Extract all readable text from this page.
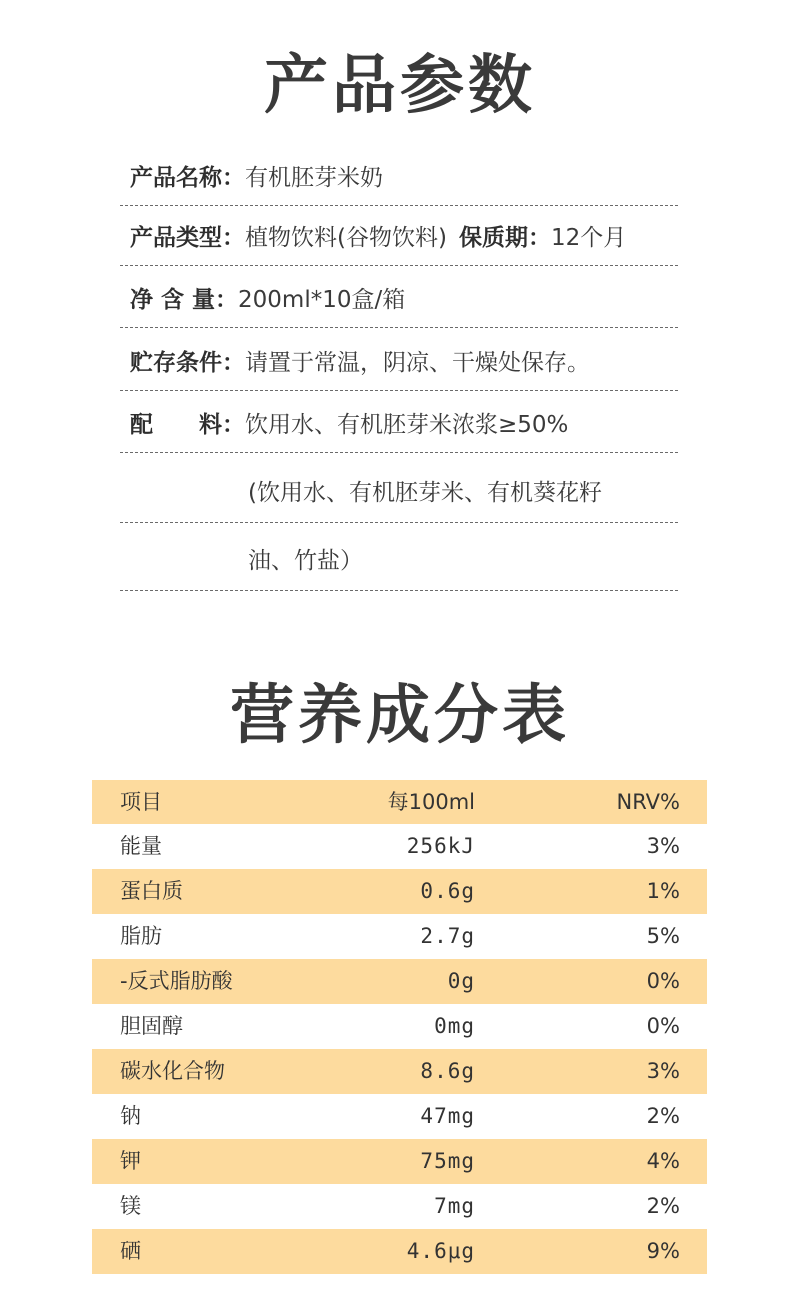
产品参数
产品名称：有机胚芽米奶
产品类型：植物饮料(谷物饮料) 保质期：12个月
净 含 量：200ml*10盒/箱
贮存条件：请置于常温，阴凉、干燥处保存。
配　　料：饮用水、有机胚芽米浓浆≥50%
(饮用水、有机胚芽米、有机葵花籽
油、竹盐）
营养成分表
项目	每100ml	NRV%
能量	256kJ	3%
蛋白质	0.6g	1%
脂肪	2.7g	5%
-反式脂肪酸	0g	0%
胆固醇	0mg	0%
碳水化合物	8.6g	3%
钠	47mg	2%
钾	75mg	4%
镁	7mg	2%
硒	4.6μg	9%
